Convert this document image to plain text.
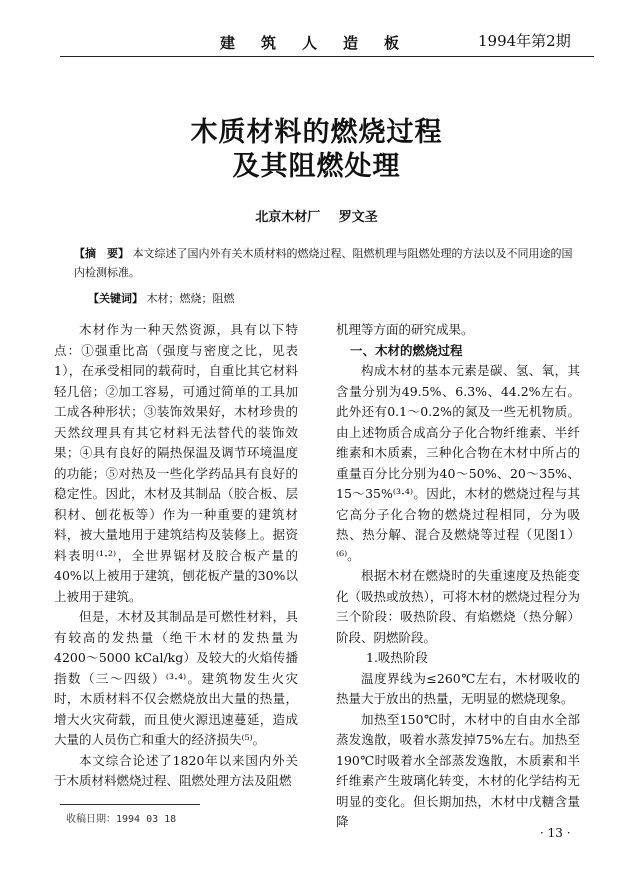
建筑人造板	1994年第2期
木质材料的燃烧过程
及其阻燃处理
北京木材厂 罗文圣
【摘　要】 本文综述了国内外有关木质材料的燃烧过程、阻燃机理与阻燃处理的方法以及不同用途的国内检测标准。
【关键词】 木材；燃烧；阻燃

木材作为一种天然资源，具有以下特点：①强重比高（强度与密度之比，见表1），在承受相同的载荷时，自重比其它材料轻几倍；②加工容易，可通过简单的工具加工成各种形状；③装饰效果好，木材珍贵的天然纹理具有其它材料无法替代的装饰效果；④具有良好的隔热保温及调节环境温度的功能；⑤对热及一些化学药品具有良好的稳定性。因此，木材及其制品（胶合板、层积材、刨花板等）作为一种重要的建筑材料，被大量地用于建筑结构及装修上。据资料表明⁽¹·²⁾，全世界锯材及胶合板产量的40%以上被用于建筑，刨花板产量的30%以上被用于建筑。

但是，木材及其制品是可燃性材料，具有较高的发热量（绝干木材的发热量为4200～5000 kCal/kg）及较大的火焰传播指数（三～四级）⁽³·⁴⁾。建筑物发生火灾时，木质材料不仅会燃烧放出大量的热量，增大火灾荷载，而且使火源迅速蔓延，造成大量的人员伤亡和重大的经济损失⁽⁵⁾。

本文综合论述了1820年以来国内外关于木质材料燃烧过程、阻燃处理方法及阻燃

机理等方面的研究成果。

一、木材的燃烧过程

构成木材的基本元素是碳、氢、氧，其含量分别为49.5%、6.3%、44.2%左右。此外还有0.1～0.2%的氮及一些无机物质。由上述物质合成高分子化合物纤维素、半纤维素和木质素，三种化合物在木材中所占的重量百分比分别为40～50%、20～35%、15～35%⁽³·⁴⁾。因此，木材的燃烧过程与其它高分子化合物的燃烧过程相同，分为吸热、热分解、混合及燃烧等过程（见图1）⁽⁶⁾。

根据木材在燃烧时的失重速度及热能变化（吸热或放热），可将木材的燃烧过程分为三个阶段：吸热阶段、有焰燃烧（热分解）阶段、阴燃阶段。

1.吸热阶段

温度界线为≤260℃左右，木材吸收的热量大于放出的热量，无明显的燃烧现象。

加热至150℃时，木材中的自由水全部蒸发逸散，吸着水蒸发掉75%左右。加热至190℃时吸着水全部蒸发逸散，木质素和半纤维素产生玻璃化转变，木材的化学结构无明显的变化。但长期加热，木材中戊糖含量降

收稿日期：1994 03 18
· 13 ·
